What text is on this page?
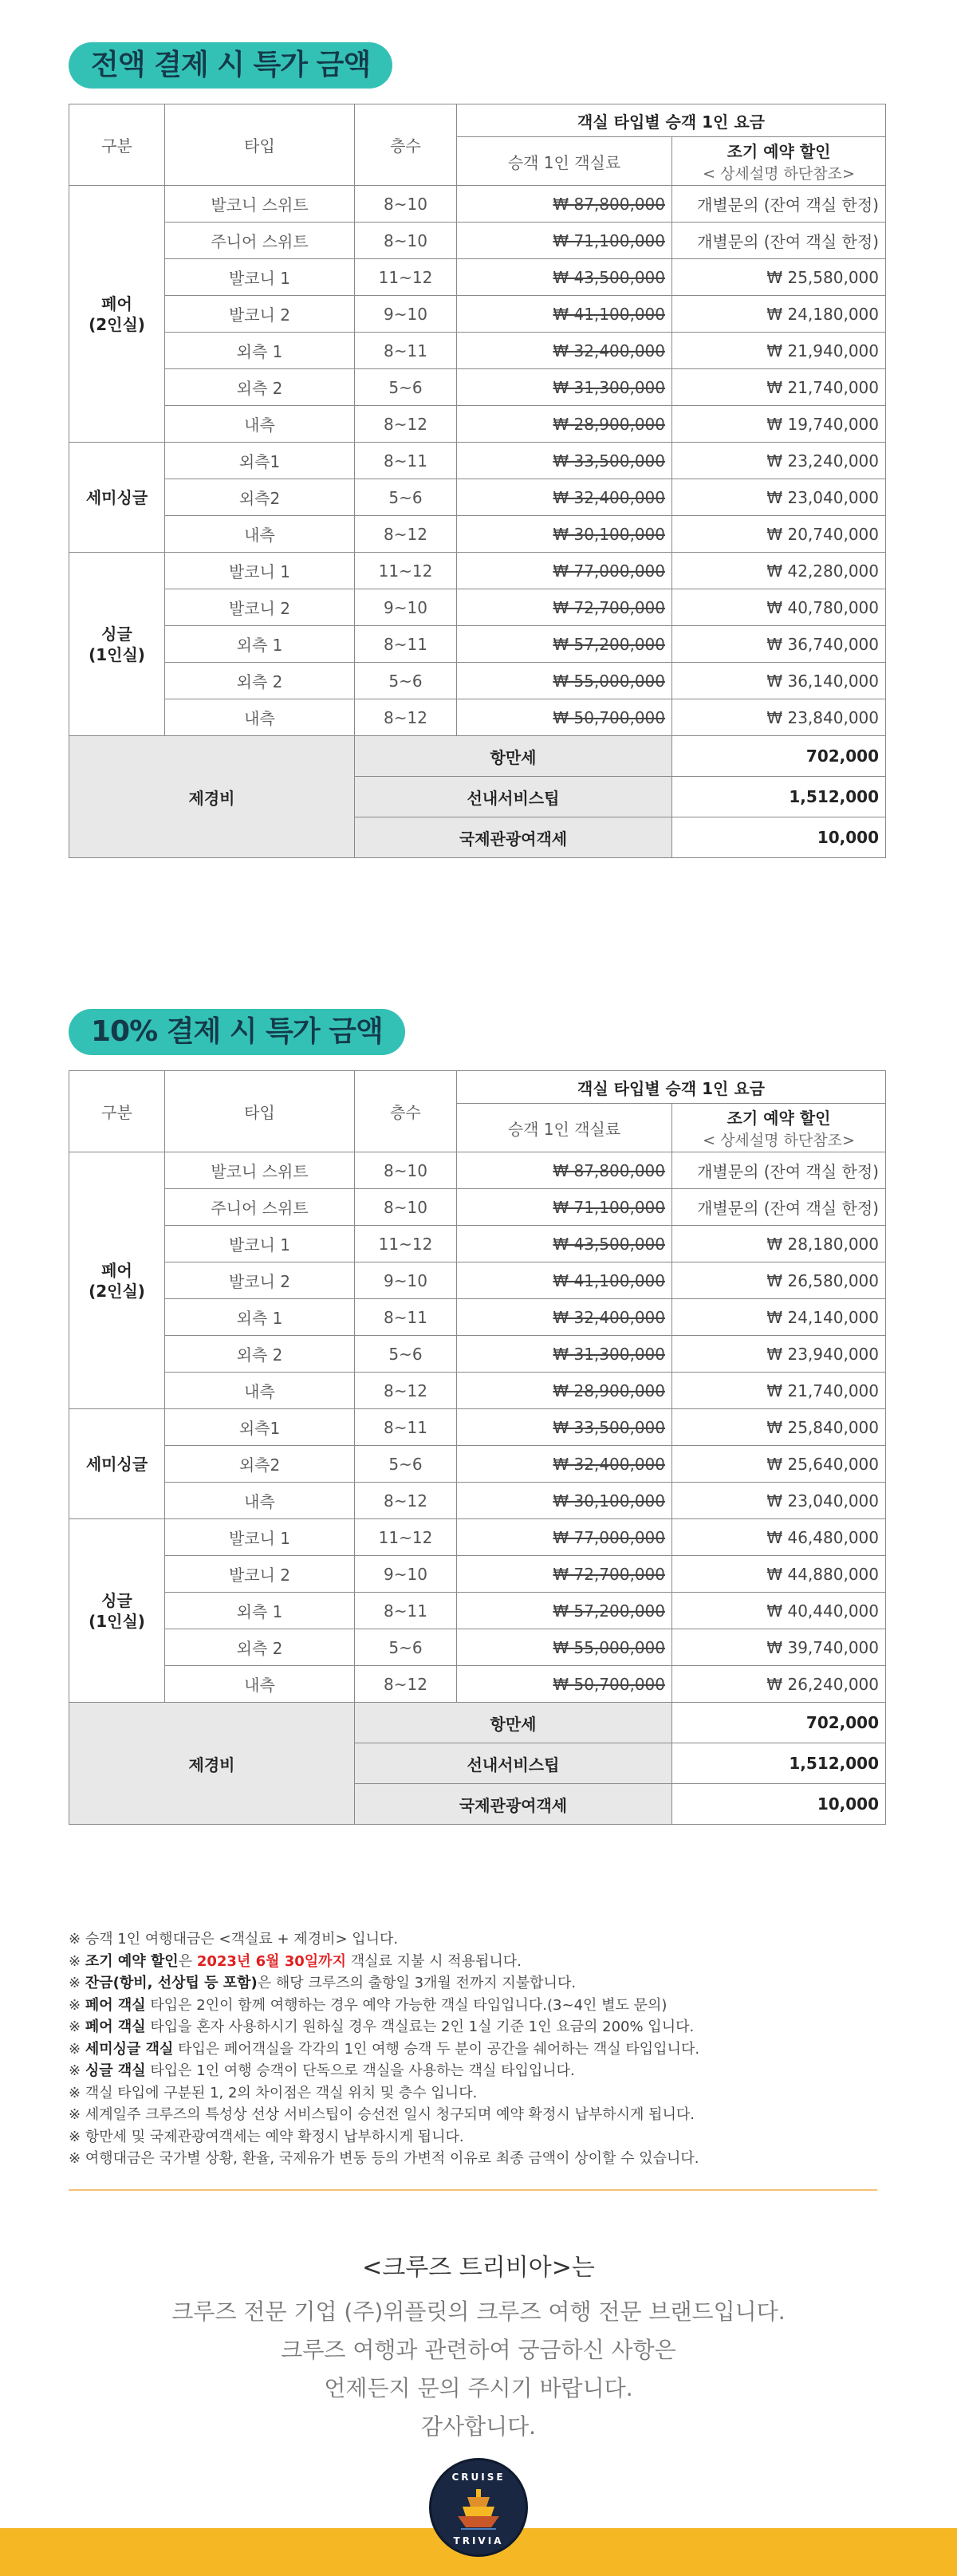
전액 결제 시 특가 금액
구분	타입	층수	객실 타입별 승객 1인 요금	
			승객 1인 객실료	조기 예약 할인
< 상세설명 하단참조>

페어
(2인실)	발코니 스위트	8~10	₩ 87,800,000	개별문의 (잔여 객실 한정)
	주니어 스위트	8~10	₩ 71,100,000	개별문의 (잔여 객실 한정)
	발코니 1	11~12	₩ 43,500,000	₩ 25,580,000
	발코니 2	9~10	₩ 41,100,000	₩ 24,180,000
	외측 1	8~11	₩ 32,400,000	₩ 21,940,000
	외측 2	5~6	₩ 31,300,000	₩ 21,740,000
	내측	8~12	₩ 28,900,000	₩ 19,740,000

세미싱글	외측1	8~11	₩ 33,500,000	₩ 23,240,000
	외측2	5~6	₩ 32,400,000	₩ 23,040,000
	내측	8~12	₩ 30,100,000	₩ 20,740,000

싱글
(1인실)	발코니 1	11~12	₩ 77,000,000	₩ 42,280,000
	발코니 2	9~10	₩ 72,700,000	₩ 40,780,000
	외측 1	8~11	₩ 57,200,000	₩ 36,740,000
	외측 2	5~6	₩ 55,000,000	₩ 36,140,000
	내측	8~12	₩ 50,700,000	₩ 23,840,000
제경비		항만세		702,000
		선내서비스팁		1,512,000
		국제관광여객세		10,000
10% 결제 시 특가 금액
구분	타입	층수	객실 타입별 승객 1인 요금	
			승객 1인 객실료	조기 예약 할인
< 상세설명 하단참조>

페어
(2인실)	발코니 스위트	8~10	₩ 87,800,000	개별문의 (잔여 객실 한정)
	주니어 스위트	8~10	₩ 71,100,000	개별문의 (잔여 객실 한정)
	발코니 1	11~12	₩ 43,500,000	₩ 28,180,000
	발코니 2	9~10	₩ 41,100,000	₩ 26,580,000
	외측 1	8~11	₩ 32,400,000	₩ 24,140,000
	외측 2	5~6	₩ 31,300,000	₩ 23,940,000
	내측	8~12	₩ 28,900,000	₩ 21,740,000

세미싱글	외측1	8~11	₩ 33,500,000	₩ 25,840,000
	외측2	5~6	₩ 32,400,000	₩ 25,640,000
	내측	8~12	₩ 30,100,000	₩ 23,040,000

싱글
(1인실)	발코니 1	11~12	₩ 77,000,000	₩ 46,480,000
	발코니 2	9~10	₩ 72,700,000	₩ 44,880,000
	외측 1	8~11	₩ 57,200,000	₩ 40,440,000
	외측 2	5~6	₩ 55,000,000	₩ 39,740,000
	내측	8~12	₩ 50,700,000	₩ 26,240,000
제경비		항만세		702,000
		선내서비스팁		1,512,000
		국제관광여객세		10,000
※ 승객 1인 여행대금은 <객실료 + 제경비> 입니다.
※ 조기 예약 할인은 2023년 6월 30일까지 객실료 지불 시 적용됩니다.
※ 잔금(항비, 선상팁 등 포함)은 해당 크루즈의 출항일 3개월 전까지 지불합니다.
※ 페어 객실 타입은 2인이 함께 여행하는 경우 예약 가능한 객실 타입입니다.(3~4인 별도 문의)
※ 페어 객실 타입을 혼자 사용하시기 원하실 경우 객실료는 2인 1실 기준 1인 요금의 200% 입니다.
※ 세미싱글 객실 타입은 페어객실을 각각의 1인 여행 승객 두 분이 공간을 쉐어하는 객실 타입입니다.
※ 싱글 객실 타입은 1인 여행 승객이 단독으로 객실을 사용하는 객실 타입입니다.
※ 객실 타입에 구분된 1, 2의 차이점은 객실 위치 및 층수 입니다.
※ 세계일주 크루즈의 특성상 선상 서비스팁이 승선전 일시 청구되며 예약 확정시 납부하시게 됩니다.
※ 항만세 및 국제관광여객세는 예약 확정시 납부하시게 됩니다.
※ 여행대금은 국가별 상황, 환율, 국제유가 변동 등의 가변적 이유로 최종 금액이 상이할 수 있습니다.
<크루즈 트리비아>는
크루즈 전문 기업 (주)위플릿의 크루즈 여행 전문 브랜드입니다.
크루즈 여행과 관련하여 궁금하신 사항은
언제든지 문의 주시기 바랍니다.
감사합니다.
CRUISE
TRIVIA
